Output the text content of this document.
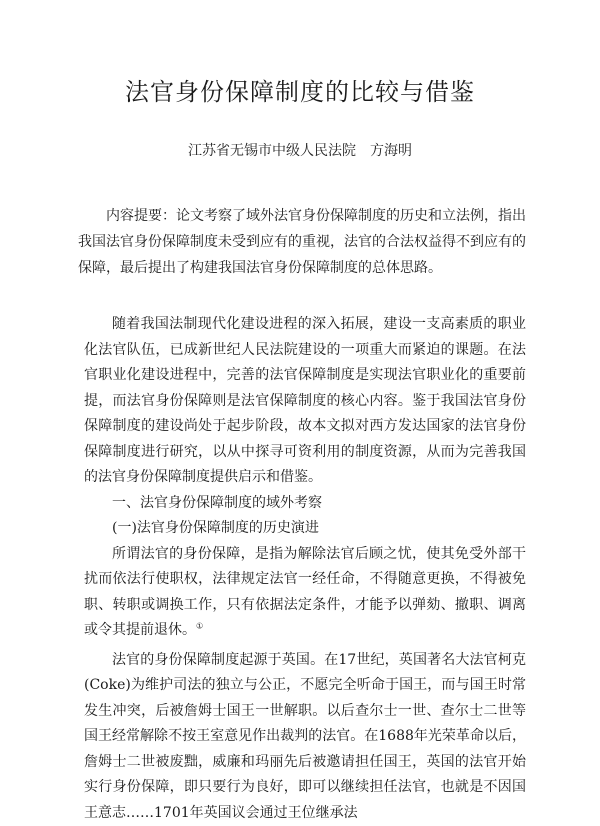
法官身份保障制度的比较与借鉴
江苏省无锡市中级人民法院　方海明
内容提要：论文考察了域外法官身份保障制度的历史和立法例，指出我国法官身份保障制度未受到应有的重视，法官的合法权益得不到应有的保障，最后提出了构建我国法官身份保障制度的总体思路。

随着我国法制现代化建设进程的深入拓展，建设一支高素质的职业化法官队伍，已成新世纪人民法院建设的一项重大而紧迫的课题。在法官职业化建设进程中，完善的法官保障制度是实现法官职业化的重要前提，而法官身份保障则是法官保障制度的核心内容。鉴于我国法官身份保障制度的建设尚处于起步阶段，故本文拟对西方发达国家的法官身份保障制度进行研究，以从中探寻可资利用的制度资源，从而为完善我国的法官身份保障制度提供启示和借鉴。

一、法官身份保障制度的域外考察

(一)法官身份保障制度的历史演进

所谓法官的身份保障，是指为解除法官后顾之忧，使其免受外部干扰而依法行使职权，法律规定法官一经任命，不得随意更换，不得被免职、转职或调换工作，只有依据法定条件，才能予以弹劾、撤职、调离或令其提前退休。①

法官的身份保障制度起源于英国。在17世纪，英国著名大法官柯克(Coke)为维护司法的独立与公正，不愿完全听命于国王，而与国王时常发生冲突，后被詹姆士国王一世解职。以后查尔士一世、查尔士二世等国王经常解除不按王室意见作出裁判的法官。在1688年光荣革命以后，詹姆士二世被废黜，威廉和玛丽先后被邀请担任国王，英国的法官开始实行身份保障，即只要行为良好，即可以继续担任法官，也就是不因国王意志……1701年英国议会通过王位继承法
